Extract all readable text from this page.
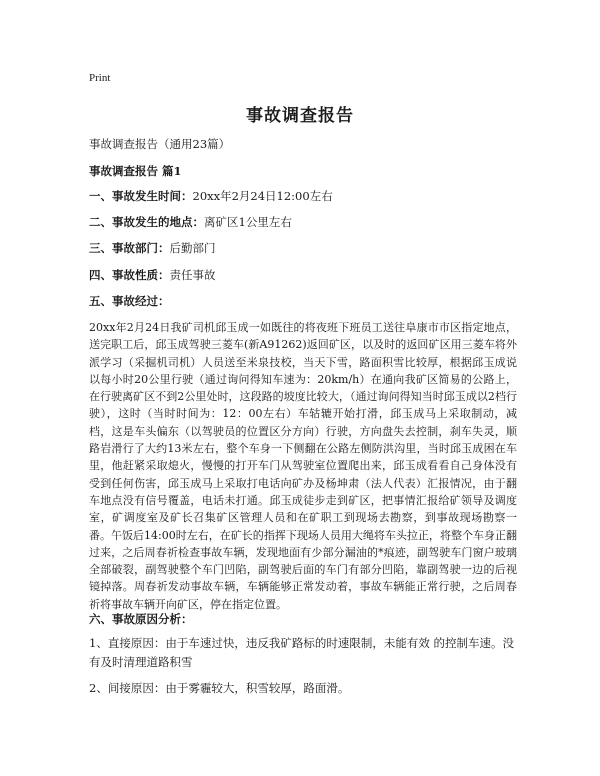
Print
事故调查报告
事故调查报告（通用23篇）
事故调查报告 篇1
一、事故发生时间：20xx年2月24日12:00左右
二、事故发生的地点：离矿区1公里左右
三、事故部门：后勤部门
四、事故性质：责任事故
五、事故经过：
20xx年2月24日我矿司机邱玉成一如既往的将夜班下班员工送往阜康市市区指定地点，送完职工后，邱玉成驾驶三菱车(新A91262)返回矿区，以及时的返回矿区用三菱车将外派学习（采掘机司机）人员送至米泉技校，当天下雪，路面积雪比较厚，根据邱玉成说以每小时20公里行驶（通过询问得知车速为：20km/h）在通向我矿区简易的公路上，在行驶离矿区不到2公里处时，这段路的坡度比较大，（通过询问得知当时邱玉成以2档行驶），这时（当时时间为：12：00左右）车轱辘开始打滑，邱玉成马上采取制动，减档，这是车头偏东（以驾驶员的位置区分方向）行驶，方向盘失去控制，刹车失灵，顺路岩滑行了大约13米左右，整个车身一下侧翻在公路左侧防洪沟里，当时邱玉成困在车里，他赶紧采取熄火，慢慢的打开车门从驾驶室位置爬出来，邱玉成看看自己身体没有受到任何伤害，邱玉成马上采取打电话向矿办及杨坤肃（法人代表）汇报情况，由于翻车地点没有信号覆盖，电话未打通。邱玉成徒步走到矿区，把事情汇报给矿领导及调度室，矿调度室及矿长召集矿区管理人员和在矿职工到现场去勘察，到事故现场勘察一番。午饭后14:00时左右，在矿长的指挥下现场人员用大绳将车头拉正，将整个车身正翻过来，之后周春祈检查事故车辆，发现地面有少部分漏油的*痕迹，副驾驶车门窗户玻璃全部破裂，副驾驶整个车门凹陷，副驾驶后面的车门有部分凹陷，靠副驾驶一边的后视镜掉落。周春祈发动事故车辆，车辆能够正常发动着，事故车辆能正常行驶，之后周春祈将事故车辆开向矿区，停在指定位置。
六、事故原因分析：
1、直接原因：由于车速过快，违反我矿路标的时速限制，未能有效 的控制车速。没有及时清理道路积雪
2、间接原因：由于雾霾较大，积雪较厚，路面滑。
